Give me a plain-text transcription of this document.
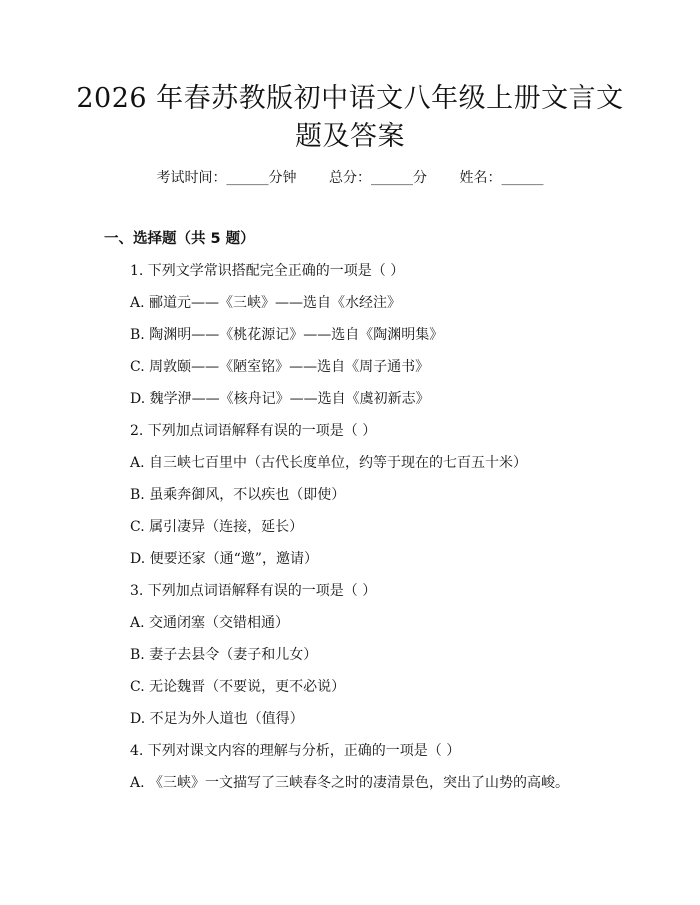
2026 年春苏教版初中语文八年级上册文言文
题及答案
考试时间：______分钟 总分：______分 姓名：______
一、选择题（共 5 题）
1. 下列文学常识搭配完全正确的一项是（ ）
A. 郦道元——《三峡》——选自《水经注》
B. 陶渊明——《桃花源记》——选自《陶渊明集》
C. 周敦颐——《陋室铭》——选自《周子通书》
D. 魏学洢——《核舟记》——选自《虞初新志》
2. 下列加点词语解释有误的一项是（ ）
A. 自三峡七百里中（古代长度单位，约等于现在的七百五十米）
B. 虽乘奔御风，不以疾也（即使）
C. 属引凄异（连接，延长）
D. 便要还家（通“邀”，邀请）
3. 下列加点词语解释有误的一项是（ ）
A. 交通闭塞（交错相通）
B. 妻子去县令（妻子和儿女）
C. 无论魏晋（不要说，更不必说）
D. 不足为外人道也（值得）
4. 下列对课文内容的理解与分析，正确的一项是（ ）
A. 《三峡》一文描写了三峡春冬之时的凄清景色，突出了山势的高峻。
